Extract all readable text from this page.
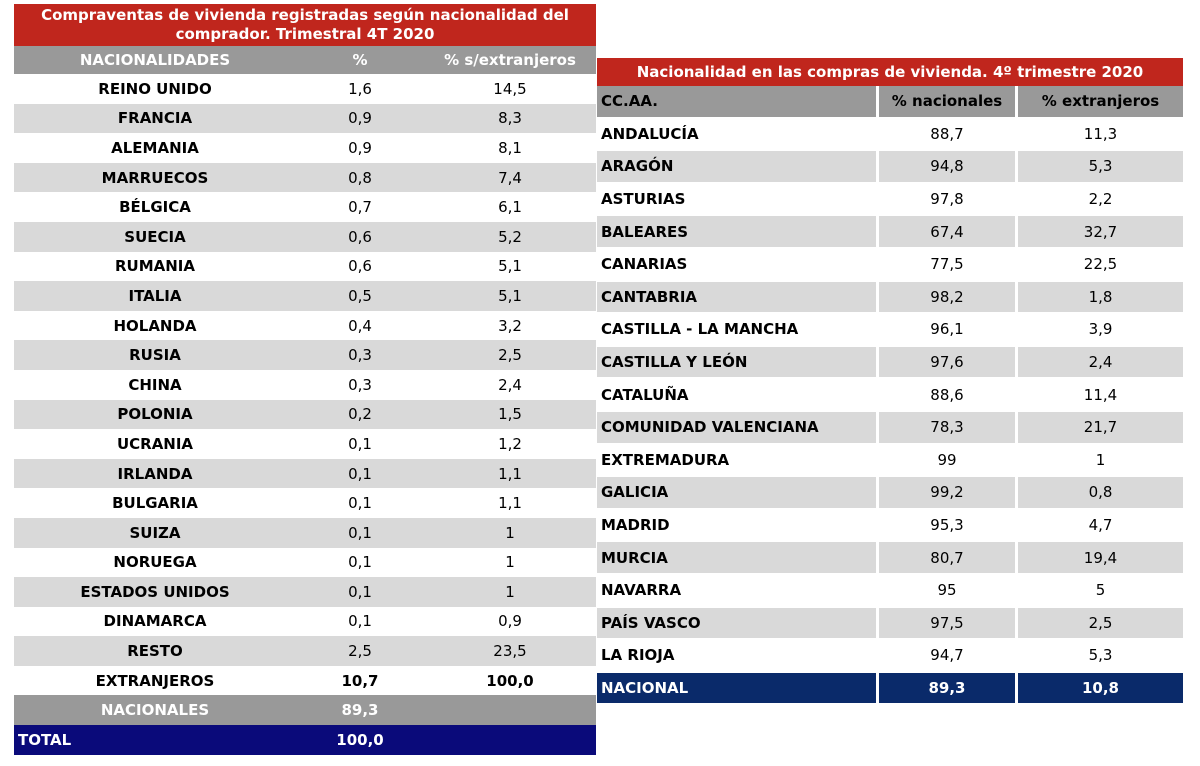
Compraventas de vivienda registradas según nacionalidad del comprador. Trimestral 4T 2020
NACIONALIDADES	%	% s/extranjeros
REINO UNIDO	1,6	14,5
FRANCIA	0,9	8,3
ALEMANIA	0,9	8,1
MARRUECOS	0,8	7,4
BÉLGICA	0,7	6,1
SUECIA	0,6	5,2
RUMANIA	0,6	5,1
ITALIA	0,5	5,1
HOLANDA	0,4	3,2
RUSIA	0,3	2,5
CHINA	0,3	2,4
POLONIA	0,2	1,5
UCRANIA	0,1	1,2
IRLANDA	0,1	1,1
BULGARIA	0,1	1,1
SUIZA	0,1	1
NORUEGA	0,1	1
ESTADOS UNIDOS	0,1	1
DINAMARCA	0,1	0,9
RESTO	2,5	23,5
EXTRANJEROS	10,7	100,0
NACIONALES	89,3
TOTAL	100,0
Nacionalidad en las compras de vivienda. 4º trimestre 2020
CC.AA.	% nacionales	% extranjeros
ANDALUCÍA	88,7	11,3
ARAGÓN	94,8	5,3
ASTURIAS	97,8	2,2
BALEARES	67,4	32,7
CANARIAS	77,5	22,5
CANTABRIA	98,2	1,8
CASTILLA - LA MANCHA	96,1	3,9
CASTILLA Y LEÓN	97,6	2,4
CATALUÑA	88,6	11,4
COMUNIDAD VALENCIANA	78,3	21,7
EXTREMADURA	99	1
GALICIA	99,2	0,8
MADRID	95,3	4,7
MURCIA	80,7	19,4
NAVARRA	95	5
PAÍS VASCO	97,5	2,5
LA RIOJA	94,7	5,3
NACIONAL	89,3	10,8
